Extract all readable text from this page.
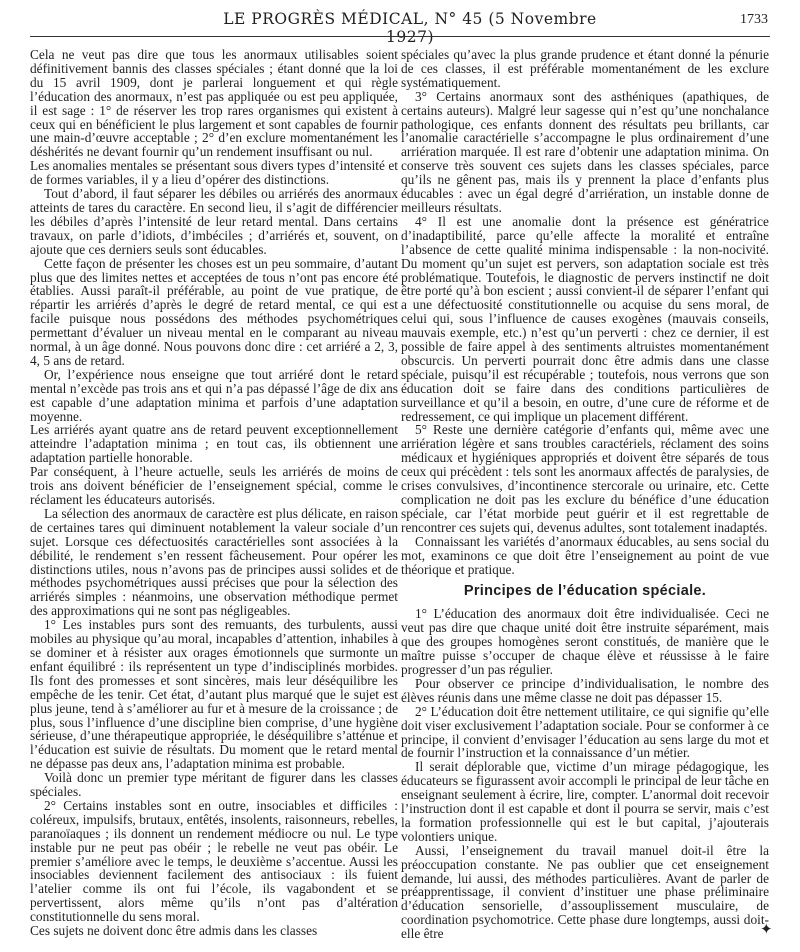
LE PROGRÈS MÉDICAL, N° 45 (5 Novembre 1927)
1733

Cela ne veut pas dire que tous les anormaux utilisables soient définitivement bannis des classes spéciales ; étant donné que la loi du 15 avril 1909, dont je parlerai longuement et qui règle l’éducation des anormaux, n’est pas appliquée ou est peu appliquée, il est sage : 1° de réserver les trop rares organismes qui existent à ceux qui en bénéficient le plus largement et sont capables de fournir une main-d’œuvre acceptable ; 2° d’en exclure momentanément les déshérités ne devant fournir qu’un rendement insuffisant ou nul.

Les anomalies mentales se présentant sous divers types d’intensité et de formes variables, il y a lieu d’opérer des distinctions.

Tout d’abord, il faut séparer les débiles ou arriérés des anormaux atteints de tares du caractère. En second lieu, il s’agit de différencier les débiles d’après l’intensité de leur retard mental. Dans certains travaux, on parle d’idiots, d’imbéciles ; d’arriérés et, souvent, on ajoute que ces derniers seuls sont éducables.

Cette façon de présenter les choses est un peu sommaire, d’autant plus que des limites nettes et acceptées de tous n’ont pas encore été établies. Aussi paraît-il préférable, au point de vue pratique, de répartir les arriérés d’après le degré de retard mental, ce qui est facile puisque nous possédons des méthodes psychométriques permettant d’évaluer un niveau mental en le comparant au niveau normal, à un âge donné. Nous pouvons donc dire : cet arriéré a 2, 3, 4, 5 ans de retard.

Or, l’expérience nous enseigne que tout arriéré dont le retard mental n’excède pas trois ans et qui n’a pas dépassé l’âge de dix ans est capable d’une adaptation minima et parfois d’une adaptation moyenne.

Les arriérés ayant quatre ans de retard peuvent exceptionnellement atteindre l’adaptation minima ; en tout cas, ils obtiennent une adaptation partielle honorable.

Par conséquent, à l’heure actuelle, seuls les arriérés de moins de trois ans doivent bénéficier de l’enseignement spécial, comme le réclament les éducateurs autorisés.

La sélection des anormaux de caractère est plus délicate, en raison de certaines tares qui diminuent notablement la valeur sociale d’un sujet. Lorsque ces défectuosités caractérielles sont associées à la débilité, le rendement s’en ressent fâcheusement. Pour opérer les distinctions utiles, nous n’avons pas de principes aussi solides et de méthodes psychométriques aussi précises que pour la sélection des arriérés simples : néanmoins, une observation méthodique permet des approximations qui ne sont pas négligeables.

1° Les instables purs sont des remuants, des turbulents, aussi mobiles au physique qu’au moral, incapables d’attention, inhabiles à se dominer et à résister aux orages émotionnels que surmonte un enfant équilibré : ils représentent un type d’indisciplinés morbides. Ils font des promesses et sont sincères, mais leur déséquilibre les empêche de les tenir. Cet état, d’autant plus marqué que le sujet est plus jeune, tend à s’améliorer au fur et à mesure de la croissance ; de plus, sous l’influence d’une discipline bien comprise, d’une hygiène sérieuse, d’une thérapeutique appropriée, le déséquilibre s’atténue et l’éducation est suivie de résultats. Du moment que le retard mental ne dépasse pas deux ans, l’adaptation minima est probable.

Voilà donc un premier type méritant de figurer dans les classes spéciales.

2° Certains instables sont en outre, insociables et difficiles : coléreux, impulsifs, brutaux, entêtés, insolents, raisonneurs, rebelles, paranoïaques ; ils donnent un rendement médiocre ou nul. Le type instable pur ne peut pas obéir ; le rebelle ne veut pas obéir. Le premier s’améliore avec le temps, le deuxième s’accentue. Aussi les insociables deviennent facilement des antisociaux : ils fuient l’atelier comme ils ont fui l’école, ils vagabondent et se pervertissent, alors même qu’ils n’ont pas d’altération constitutionnelle du sens moral.

Ces sujets ne doivent donc être admis dans les classes

spéciales qu’avec la plus grande prudence et étant donné la pénurie de ces classes, il est préférable momentanément de les exclure systématiquement.

3° Certains anormaux sont des asthéniques (apathiques, de certains auteurs). Malgré leur sagesse qui n’est qu’une nonchalance pathologique, ces enfants donnent des résultats peu brillants, car l’anomalie caractérielle s’accompagne le plus ordinairement d’une arriération marquée. Il est rare d’obtenir une adaptation minima. On conserve très souvent ces sujets dans les classes spéciales, parce qu’ils ne gênent pas, mais ils y prennent la place d’enfants plus éducables : avec un égal degré d’arriération, un instable donne de meilleurs résultats.

4° Il est une anomalie dont la présence est génératrice d’inadaptibilité, parce qu’elle affecte la moralité et entraîne l’absence de cette qualité minima indispensable : la non-nocivité. Du moment qu’un sujet est pervers, son adaptation sociale est très problématique. Toutefois, le diagnostic de pervers instinctif ne doit être porté qu’à bon escient ; aussi convient-il de séparer l’enfant qui a une défectuosité constitutionnelle ou acquise du sens moral, de celui qui, sous l’influence de causes exogènes (mauvais conseils, mauvais exemple, etc.) n’est qu’un perverti : chez ce dernier, il est possible de faire appel à des sentiments altruistes momentanément obscurcis. Un perverti pourrait donc être admis dans une classe spéciale, puisqu’il est récupérable ; toutefois, nous verrons que son éducation doit se faire dans des conditions particulières de surveillance et qu’il a besoin, en outre, d’une cure de réforme et de redressement, ce qui implique un placement différent.

5° Reste une dernière catégorie d’enfants qui, même avec une arriération légère et sans troubles caractériels, réclament des soins médicaux et hygiéniques appropriés et doivent être séparés de tous ceux qui précèdent : tels sont les anormaux affectés de paralysies, de crises convulsives, d’incontinence stercorale ou urinaire, etc. Cette complication ne doit pas les exclure du bénéfice d’une éducation spéciale, car l’état morbide peut guérir et il est regrettable de rencontrer ces sujets qui, devenus adultes, sont totalement inadaptés.

Connaissant les variétés d’anormaux éducables, au sens social du mot, examinons ce que doit être l’enseignement au point de vue théorique et pratique.

Principes de l’éducation spéciale.

1° L’éducation des anormaux doit être individualisée. Ceci ne veut pas dire que chaque unité doit être instruite séparément, mais que des groupes homogènes seront constitués, de manière que le maître puisse s’occuper de chaque élève et réussisse à le faire progresser d’un pas régulier.

Pour observer ce principe d’individualisation, le nombre des élèves réunis dans une même classe ne doit pas dépasser 15.

2° L’éducation doit être nettement utilitaire, ce qui signifie qu’elle doit viser exclusivement l’adaptation sociale. Pour se conformer à ce principe, il convient d’envisager l’éducation au sens large du mot et de fournir l’instruction et la connaissance d’un métier.

Il serait déplorable que, victime d’un mirage pédagogique, les éducateurs se figurassent avoir accompli le principal de leur tâche en enseignant seulement à écrire, lire, compter. L’anormal doit recevoir l’instruction dont il est capable et dont il pourra se servir, mais c’est la formation professionnelle qui est le but capital, j’ajouterais volontiers unique.

Aussi, l’enseignement du travail manuel doit-il être la préoccupation constante. Ne pas oublier que cet enseignement demande, lui aussi, des méthodes particulières. Avant de parler de préapprentissage, il convient d’instituer une phase préliminaire d’éducation sensorielle, d’assouplissement musculaire, de coordination psychomotrice. Cette phase dure longtemps, aussi doit-elle être	✦
